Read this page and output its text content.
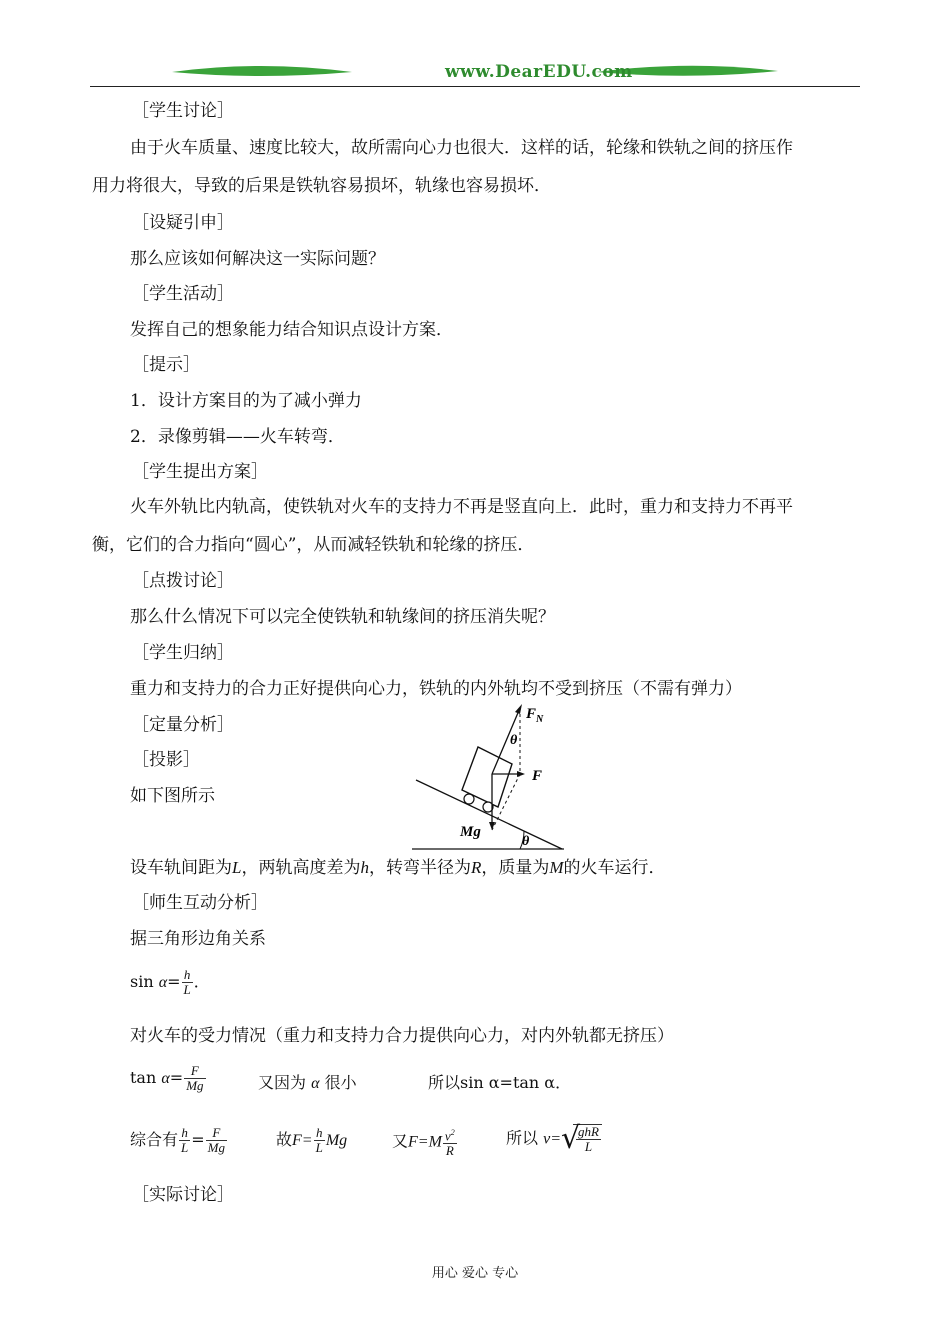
www.DearEDU.com
［学生讨论］
由于火车质量、速度比较大，故所需向心力也很大．这样的话，轮缘和铁轨之间的挤压作
用力将很大，导致的后果是铁轨容易损坏，轨缘也容易损坏．
［设疑引申］
那么应该如何解决这一实际问题？
［学生活动］
发挥自己的想象能力结合知识点设计方案．
［提示］
1．设计方案目的为了减小弹力
2．录像剪辑——火车转弯．
［学生提出方案］
火车外轨比内轨高，使铁轨对火车的支持力不再是竖直向上．此时，重力和支持力不再平
衡，它们的合力指向“圆心”，从而减轻铁轨和轮缘的挤压．
［点拨讨论］
那么什么情况下可以完全使铁轨和轨缘间的挤压消失呢？
［学生归纳］
重力和支持力的合力正好提供向心力，铁轨的内外轨均不受到挤压（不需有弹力）
［定量分析］
［投影］
如下图所示
$F_N$
F
Mg
θ
θ
设车轨间距为L，两轨高度差为h，转弯半径为R，质量为M的火车运行．
［师生互动分析］
据三角形边角关系
$\sin \alpha= \frac{h}{L}$ ．
对火车的受力情况（重力和支持力合力提供向心力，对内外轨都无挤压）
$\tan \alpha= \frac{F}{Mg}$	又因为 α 很小	所以sin α=tan α．
综合有 $\frac{h}{L} = \frac{F}{Mg}$	故$F= \frac{h}{L}$ Mg	又$F=M \frac{v^2}{R}$	所以 v= √
$\frac{\text{ghR}}{L}$
［实际讨论］
用心 爱心 专心
